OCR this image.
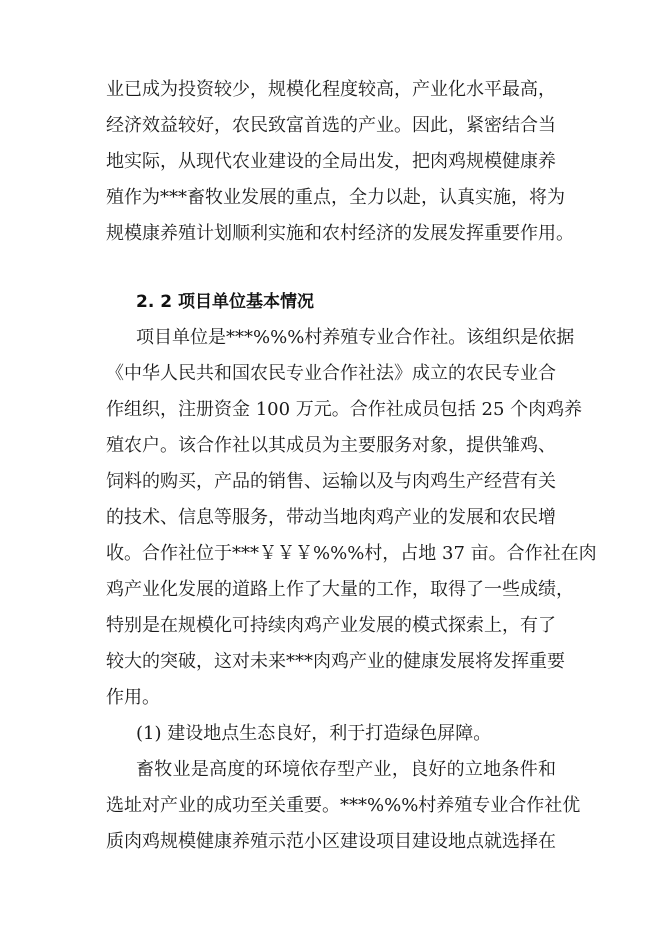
业已成为投资较少，规模化程度较高，产业化水平最高，
经济效益较好，农民致富首选的产业。因此，紧密结合当
地实际，从现代农业建设的全局出发，把肉鸡规模健康养
殖作为***畜牧业发展的重点，全力以赴，认真实施，将为
规模康养殖计划顺利实施和农村经济的发展发挥重要作用。
2. 2 项目单位基本情况
项目单位是***%%%村养殖专业合作社。该组织是依据
《中华人民共和国农民专业合作社法》成立的农民专业合
作组织，注册资金 100 万元。合作社成员包括 25 个肉鸡养
殖农户。该合作社以其成员为主要服务对象，提供雏鸡、
饲料的购买，产品的销售、运输以及与肉鸡生产经营有关
的技术、信息等服务，带动当地肉鸡产业的发展和农民增
收。合作社位于***￥￥￥%%%村，占地 37 亩。合作社在肉
鸡产业化发展的道路上作了大量的工作，取得了一些成绩，
特别是在规模化可持续肉鸡产业发展的模式探索上，有了
较大的突破，这对未来***肉鸡产业的健康发展将发挥重要
作用。
(1) 建设地点生态良好，利于打造绿色屏障。
畜牧业是高度的环境依存型产业，良好的立地条件和
选址对产业的成功至关重要。***%%%村养殖专业合作社优
质肉鸡规模健康养殖示范小区建设项目建设地点就选择在
